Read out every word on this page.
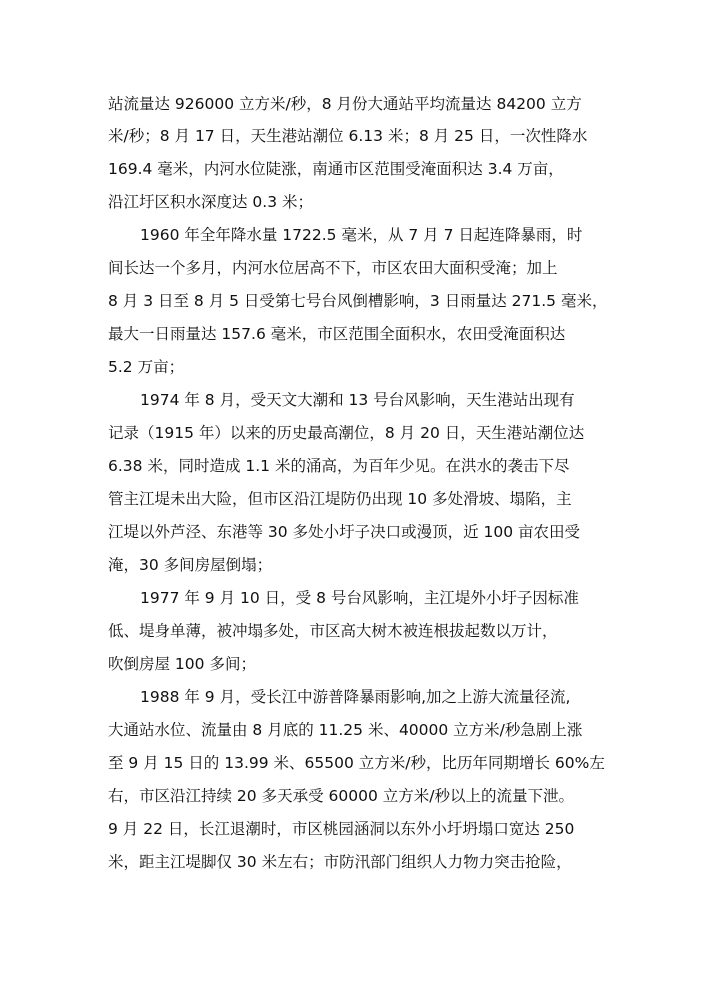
站流量达 926000 立方米/秒，8 月份大通站平均流量达 84200 立方
米/秒；8 月 17 日，天生港站潮位 6.13 米；8 月 25 日，一次性降水
169.4 毫米，内河水位陡涨，南通市区范围受淹面积达 3.4 万亩，
沿江圩区积水深度达 0.3 米；
1960 年全年降水量 1722.5 毫米，从 7 月 7 日起连降暴雨，时
间长达一个多月，内河水位居高不下，市区农田大面积受淹；加上
8 月 3 日至 8 月 5 日受第七号台风倒槽影响，3 日雨量达 271.5 毫米，
最大一日雨量达 157.6 毫米，市区范围全面积水，农田受淹面积达
5.2 万亩；
1974 年 8 月，受天文大潮和 13 号台风影响，天生港站出现有
记录（1915 年）以来的历史最高潮位，8 月 20 日，天生港站潮位达
6.38 米，同时造成 1.1 米的涌高，为百年少见。在洪水的袭击下尽
管主江堤未出大险，但市区沿江堤防仍出现 10 多处滑坡、塌陷，主
江堤以外芦泾、东港等 30 多处小圩子决口或漫顶，近 100 亩农田受
淹，30 多间房屋倒塌；
1977 年 9 月 10 日，受 8 号台风影响，主江堤外小圩子因标准
低、堤身单薄，被冲塌多处，市区高大树木被连根拔起数以万计，
吹倒房屋 100 多间；
1988 年 9 月，受长江中游普降暴雨影响,加之上游大流量径流,
大通站水位、流量由 8 月底的 11.25 米、40000 立方米/秒急剧上涨
至 9 月 15 日的 13.99 米、65500 立方米/秒，比历年同期增长 60%左
右，市区沿江持续 20 多天承受 60000 立方米/秒以上的流量下泄。
9 月 22 日，长江退潮时，市区桃园涵洞以东外小圩坍塌口宽达 250
米，距主江堤脚仅 30 米左右；市防汛部门组织人力物力突击抢险，
